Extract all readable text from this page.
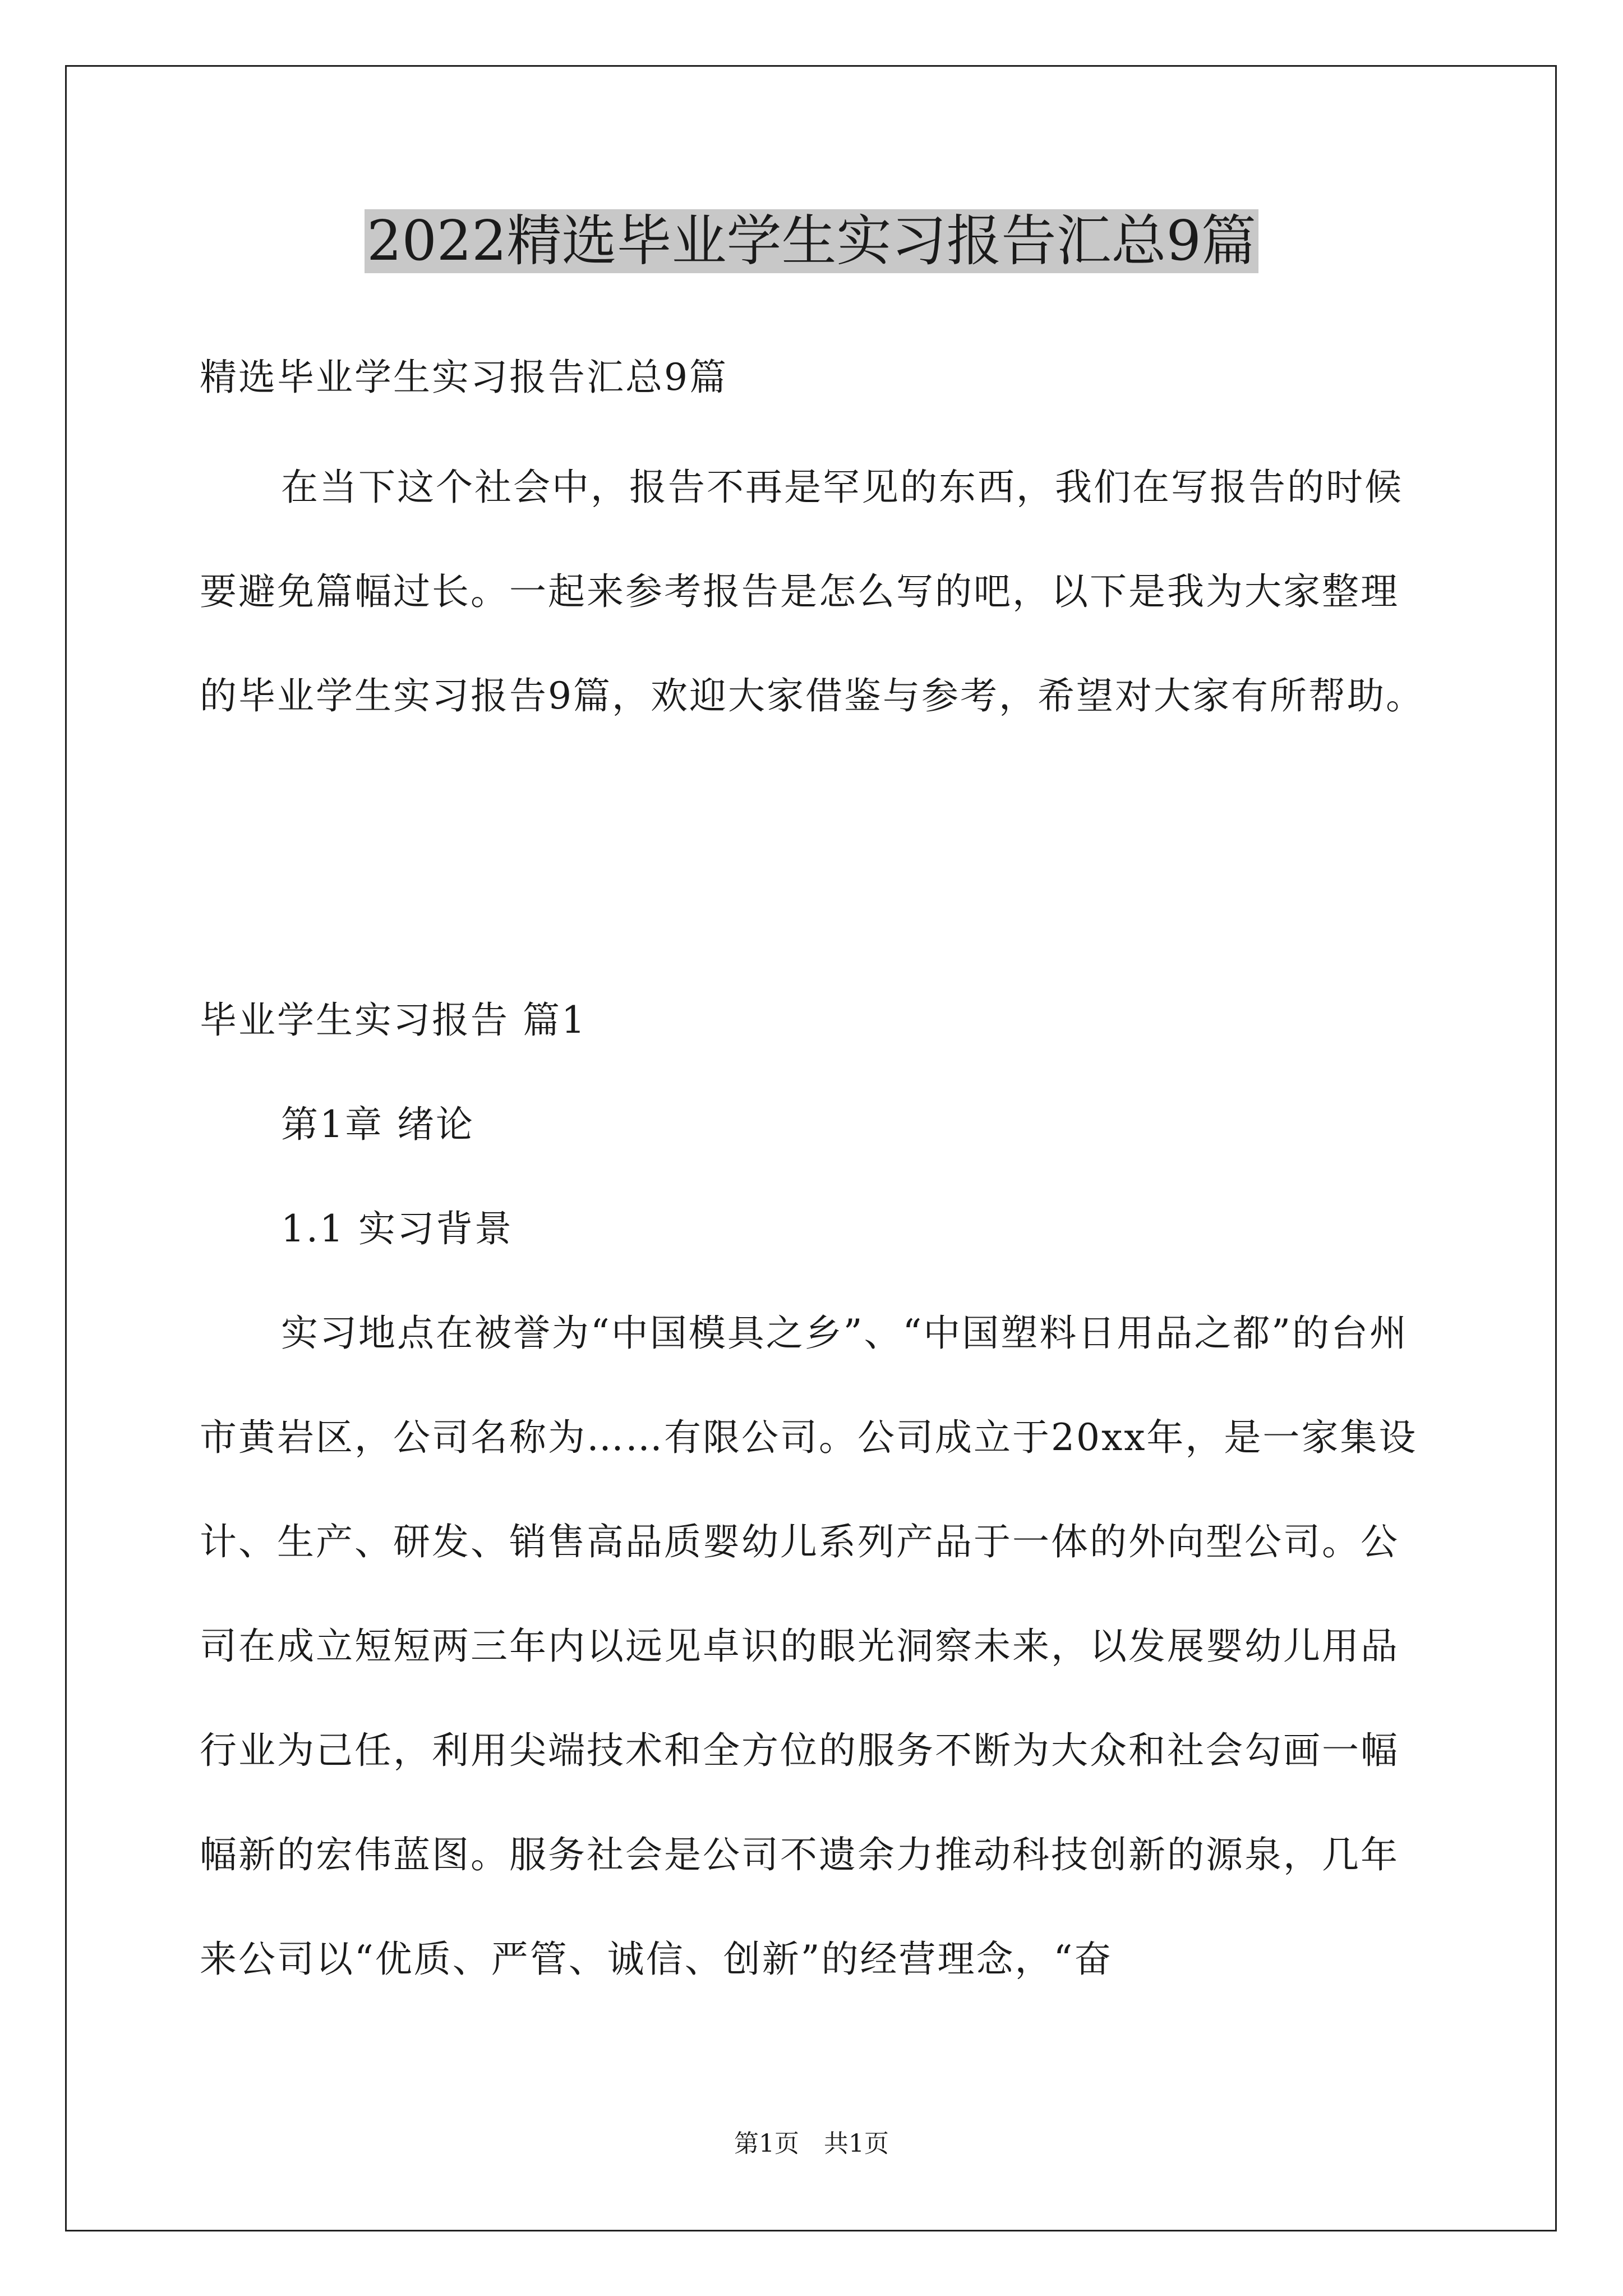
2022精选毕业学生实习报告汇总9篇

精选毕业学生实习报告汇总9篇

在当下这个社会中，报告不再是罕见的东西，我们在写报告的时候要避免篇幅过长。一起来参考报告是怎么写的吧，以下是我为大家整理的毕业学生实习报告9篇，欢迎大家借鉴与参考，希望对大家有所帮助。

毕业学生实习报告 篇1

第1章 绪论

1.1 实习背景

实习地点在被誉为“中国模具之乡”、“中国塑料日用品之都”的台州市黄岩区，公司名称为……有限公司。公司成立于20xx年，是一家集设计、生产、研发、销售高品质婴幼儿系列产品于一体的外向型公司。公司在成立短短两三年内以远见卓识的眼光洞察未来，以发展婴幼儿用品行业为己任，利用尖端技术和全方位的服务不断为大众和社会勾画一幅幅新的宏伟蓝图。服务社会是公司不遗余力推动科技创新的源泉，几年来公司以“优质、严管、诚信、创新”的经营理念，“奋

第1页　共1页
